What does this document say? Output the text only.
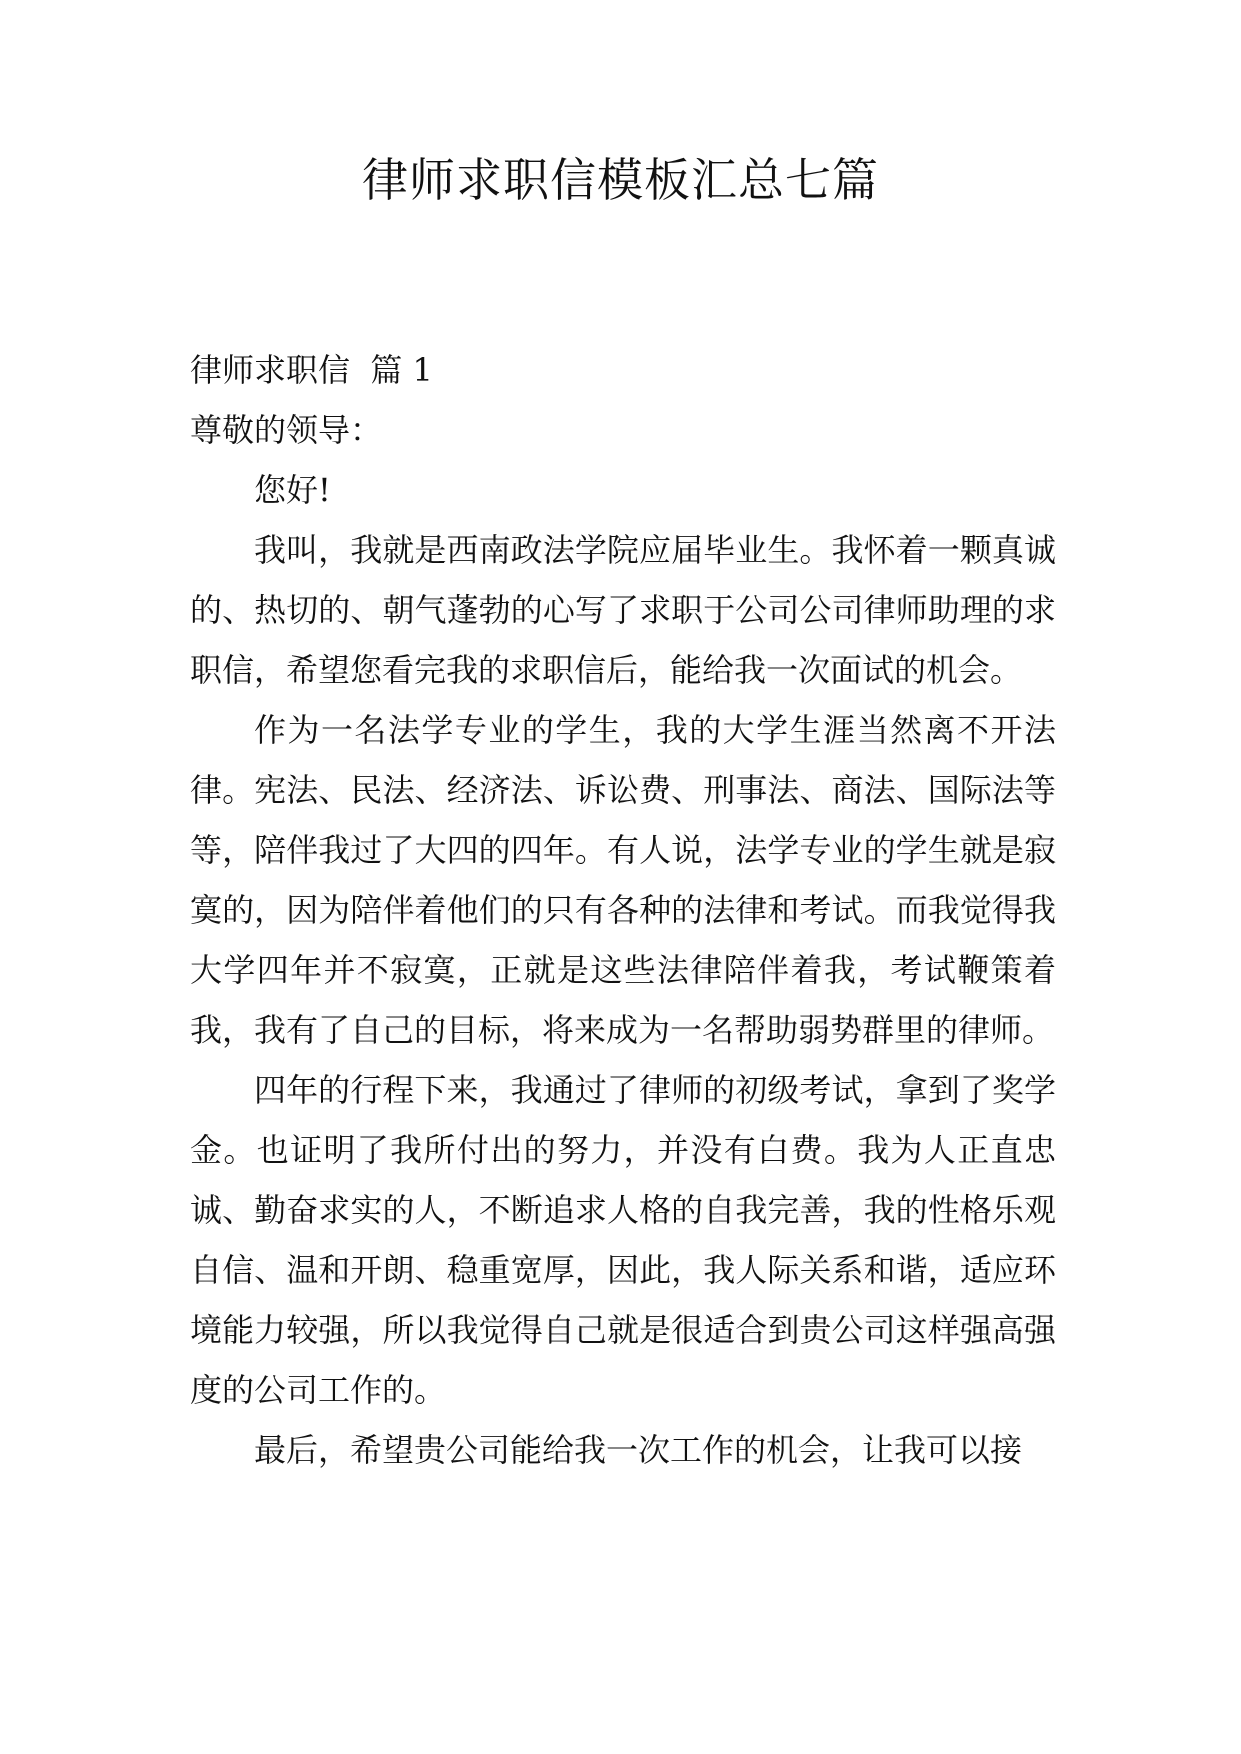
律师求职信模板汇总七篇

律师求职信  篇 1

尊敬的领导：

您好!

我叫，我就是西南政法学院应届毕业生。我怀着一颗真诚的、热切的、朝气蓬勃的心写了求职于公司公司律师助理的求职信，希望您看完我的求职信后，能给我一次面试的机会。

作为一名法学专业的学生，我的大学生涯当然离不开法律。宪法、民法、经济法、诉讼费、刑事法、商法、国际法等等，陪伴我过了大四的四年。有人说，法学专业的学生就是寂寞的，因为陪伴着他们的只有各种的法律和考试。而我觉得我大学四年并不寂寞，正就是这些法律陪伴着我，考试鞭策着我，我有了自己的目标，将来成为一名帮助弱势群里的律师。

四年的行程下来，我通过了律师的初级考试，拿到了奖学金。也证明了我所付出的努力，并没有白费。我为人正直忠诚、勤奋求实的人，不断追求人格的自我完善，我的性格乐观自信、温和开朗、稳重宽厚，因此，我人际关系和谐，适应环境能力较强，所以我觉得自己就是很适合到贵公司这样强高强度的公司工作的。

最后，希望贵公司能给我一次工作的机会，让我可以接
